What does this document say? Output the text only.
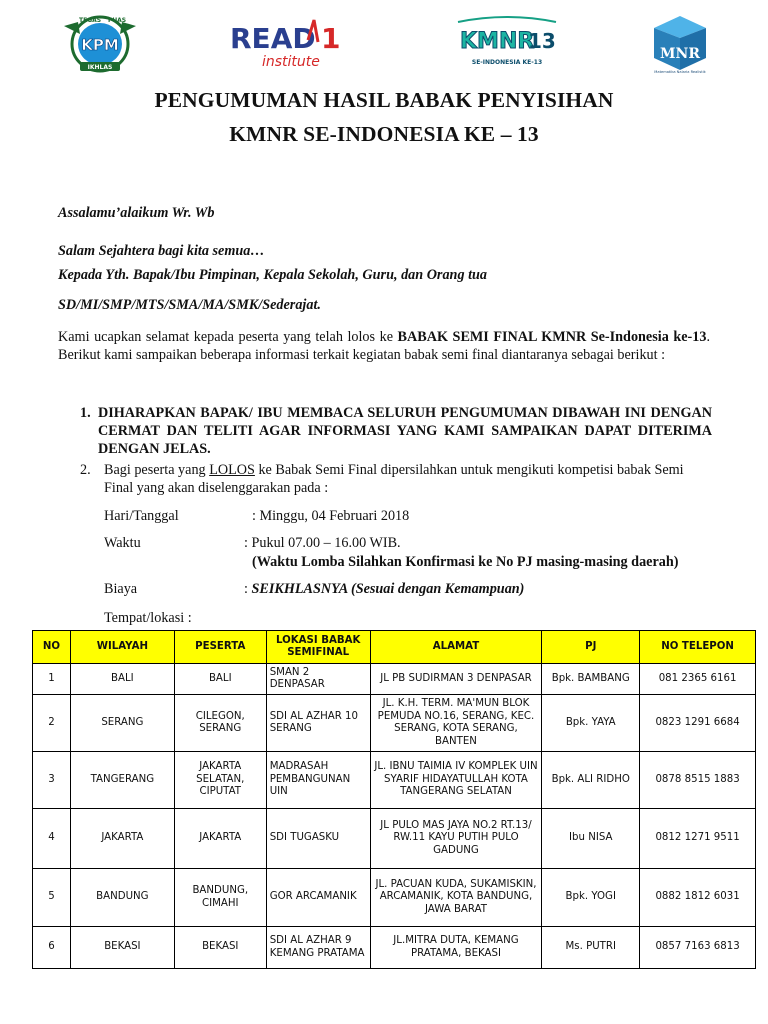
TEGAS PUAS
KPM
IKHLAS
READ 1
institute
KMNR
13
SE-INDONESIA KE-13
MNR
Matematika Nalaria Realistik
PENGUMUMAN HASIL BABAK PENYISIHAN
KMNR SE-INDONESIA KE – 13
Assalamu’alaikum Wr. Wb
Salam Sejahtera bagi kita semua…
Kepada Yth. Bapak/Ibu Pimpinan, Kepala Sekolah, Guru, dan Orang tua
SD/MI/SMP/MTS/SMA/MA/SMK/Sederajat.
Kami ucapkan selamat kepada peserta yang telah lolos ke BABAK SEMI FINAL KMNR Se-Indonesia ke-13. Berikut kami sampaikan beberapa informasi terkait kegiatan babak semi final diantaranya sebagai berikut :
1. DIHARAPKAN BAPAK/ IBU MEMBACA SELURUH PENGUMUMAN DIBAWAH INI DENGAN CERMAT DAN TELITI AGAR INFORMASI YANG KAMI SAMPAIKAN DAPAT DITERIMA DENGAN JELAS.
2. Bagi peserta yang LOLOS ke Babak Semi Final dipersilahkan untuk mengikuti kompetisi babak Semi Final yang akan diselenggarakan pada :
Hari/Tanggal	: Minggu, 04 Februari 2018
Waktu	: Pukul 07.00 – 16.00 WIB.
(Waktu Lomba Silahkan Konfirmasi ke No PJ masing-masing daerah)
Biaya	: SEIKHLASNYA (Sesuai dengan Kemampuan)
Tempat/lokasi :
NO	WILAYAH	PESERTA	LOKASI BABAK SEMIFINAL	ALAMAT	PJ	NO TELEPON
1	BALI	BALI	SMAN 2 DENPASAR	JL PB SUDIRMAN 3 DENPASAR	Bpk. BAMBANG	081 2365 6161
2	SERANG	CILEGON, SERANG	SDI AL AZHAR 10 SERANG	JL. K.H. TERM. MA'MUN BLOK PEMUDA NO.16, SERANG, KEC. SERANG, KOTA SERANG, BANTEN	Bpk. YAYA	0823 1291 6684
3	TANGERANG	JAKARTA SELATAN, CIPUTAT	MADRASAH PEMBANGUNAN UIN	JL. IBNU TAIMIA IV KOMPLEK UIN SYARIF HIDAYATULLAH KOTA TANGERANG SELATAN	Bpk. ALI RIDHO	0878 8515 1883
4	JAKARTA	JAKARTA	SDI TUGASKU	JL PULO MAS JAYA NO.2 RT.13/ RW.11 KAYU PUTIH PULO GADUNG	Ibu NISA	0812 1271 9511
5	BANDUNG	BANDUNG, CIMAHI	GOR ARCAMANIK	JL. PACUAN KUDA, SUKAMISKIN, ARCAMANIK, KOTA BANDUNG, JAWA BARAT	Bpk. YOGI	0882 1812 6031
6	BEKASI	BEKASI	SDI AL AZHAR 9 KEMANG PRATAMA	JL.MITRA DUTA, KEMANG PRATAMA, BEKASI	Ms. PUTRI	0857 7163 6813
